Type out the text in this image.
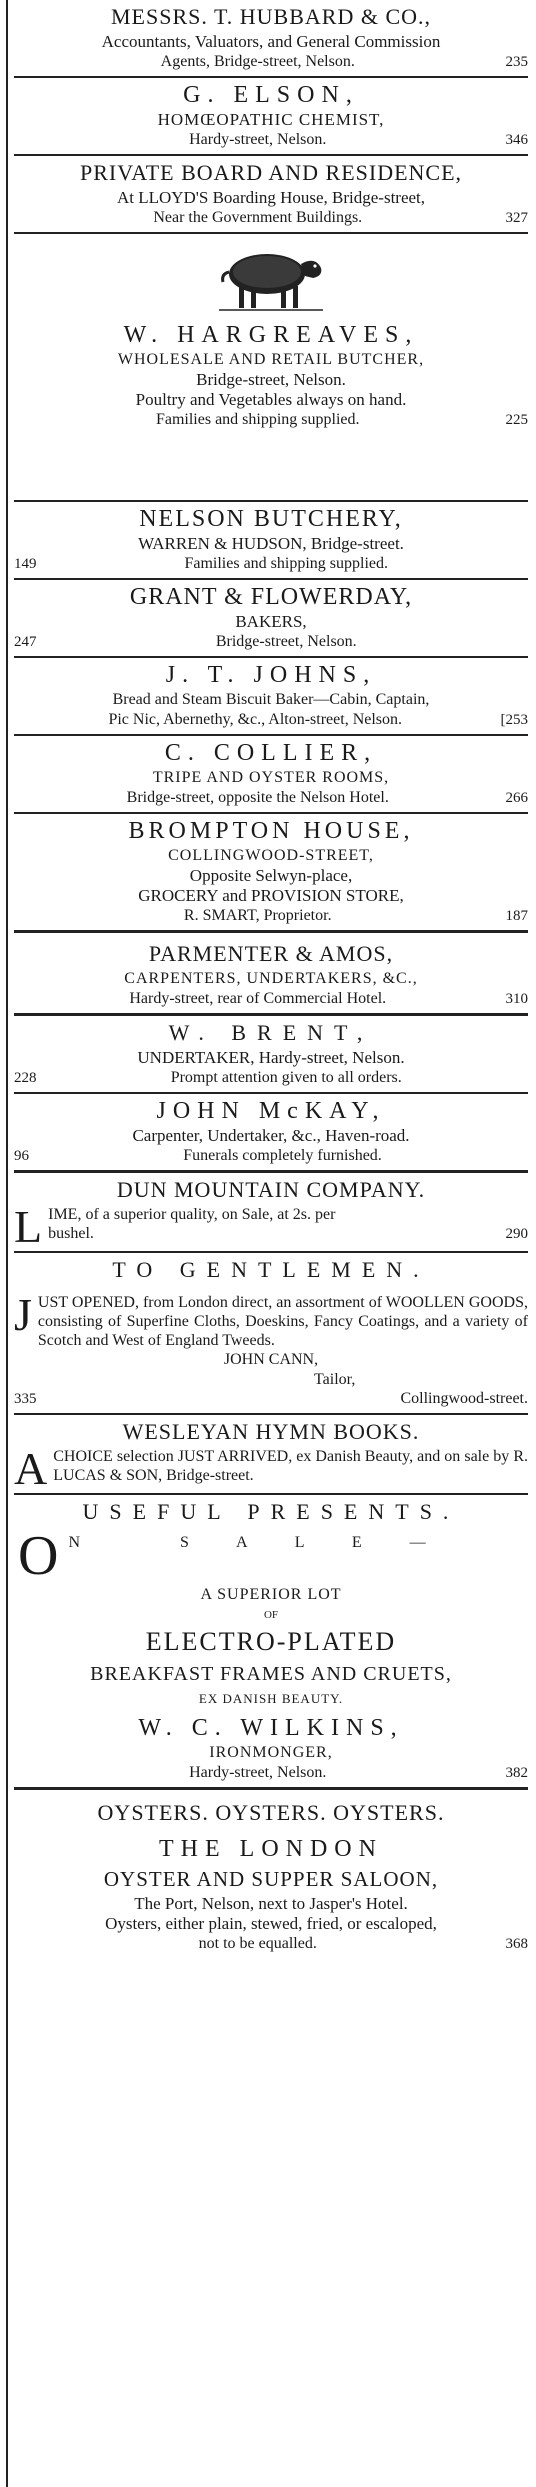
MESSRS. T. HUBBARD & CO.,
Accountants, Valuators, and General Commission
Agents, Bridge-street, Nelson.	235
G. ELSON,
HOMŒOPATHIC CHEMIST,
Hardy-street, Nelson.	346
PRIVATE BOARD AND RESIDENCE,
At LLOYD'S Boarding House, Bridge-street,
Near the Government Buildings.	327
W. HARGREAVES,
WHOLESALE AND RETAIL BUTCHER,
Bridge-street, Nelson.
Poultry and Vegetables always on hand.
Families and shipping supplied.	225
NELSON BUTCHERY,
WARREN & HUDSON, Bridge-street.
149	Families and shipping supplied.
GRANT & FLOWERDAY,
BAKERS,
247	Bridge-street, Nelson.
J. T. JOHNS,
Bread and Steam Biscuit Baker—Cabin, Captain,
Pic Nic, Abernethy, &c., Alton-street, Nelson.	[253
C. COLLIER,
TRIPE AND OYSTER ROOMS,
Bridge-street, opposite the Nelson Hotel.	266
BROMPTON HOUSE,
COLLINGWOOD-STREET,
Opposite Selwyn-place,
GROCERY and PROVISION STORE,
R. SMART, Proprietor.	187
PARMENTER & AMOS,
CARPENTERS, UNDERTAKERS, &C.,
Hardy-street, rear of Commercial Hotel.	310
W. BRENT,
UNDERTAKER, Hardy-street, Nelson.
228	Prompt attention given to all orders.
JOHN McKAY,
Carpenter, Undertaker, &c., Haven-road.
96	Funerals completely furnished.
DUN MOUNTAIN COMPANY.
L IME, of a superior quality, on Sale, at 2s. per
bushel.	290
TO GENTLEMEN.
J UST OPENED, from London direct, an assortment of WOOLLEN GOODS, consisting of Superfine Cloths, Doeskins, Fancy Coatings, and a variety of Scotch and West of England Tweeds.
JOHN CANN,
Tailor,
335	Collingwood-street.
WESLEYAN HYMN BOOKS.
A CHOICE selection JUST ARRIVED, ex Danish Beauty, and on sale by R. LUCAS & SON, Bridge-street.
USEFUL PRESENTS.
O N   S A L E —
A SUPERIOR LOT
OF
ELECTRO-PLATED
BREAKFAST FRAMES AND CRUETS,
EX DANISH BEAUTY.
W. C. WILKINS,
IRONMONGER,
Hardy-street, Nelson.	382
OYSTERS. OYSTERS. OYSTERS.
THE LONDON
OYSTER AND SUPPER SALOON,
The Port, Nelson, next to Jasper's Hotel.
Oysters, either plain, stewed, fried, or escaloped,
not to be equalled.	368
